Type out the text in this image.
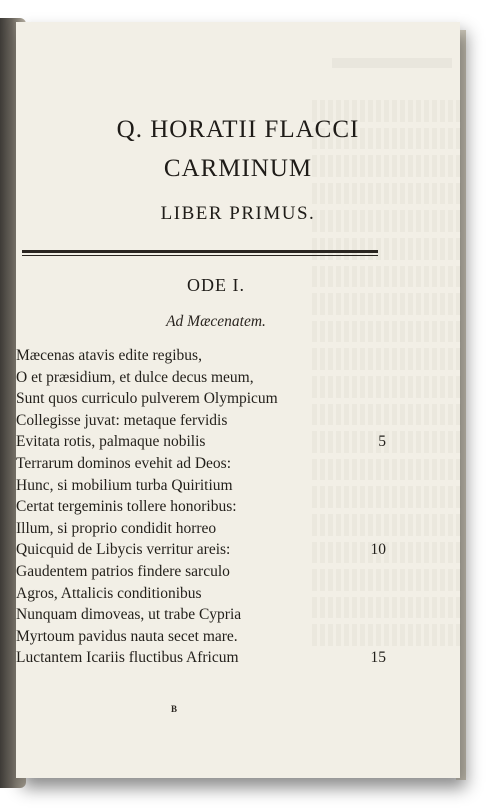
Q. HORATII FLACCI
CARMINUM
LIBER PRIMUS.
ODE I.
Ad Mæcenatem.
Mæcenas atavis edite regibus,
O et præsidium, et dulce decus meum,
Sunt quos curriculo pulverem Olympicum
Collegisse juvat: metaque fervidis
Evitata rotis, palmaque nobilis	5
Terrarum dominos evehit ad Deos:
Hunc, si mobilium turba Quiritium
Certat tergeminis tollere honoribus:
Illum, si proprio condidit horreo
Quicquid de Libycis verritur areis:	10
Gaudentem patrios findere sarculo
Agros, Attalicis conditionibus
Nunquam dimoveas, ut trabe Cypria
Myrtoum pavidus nauta secet mare.
Luctantem Icariis fluctibus Africum	15
B
